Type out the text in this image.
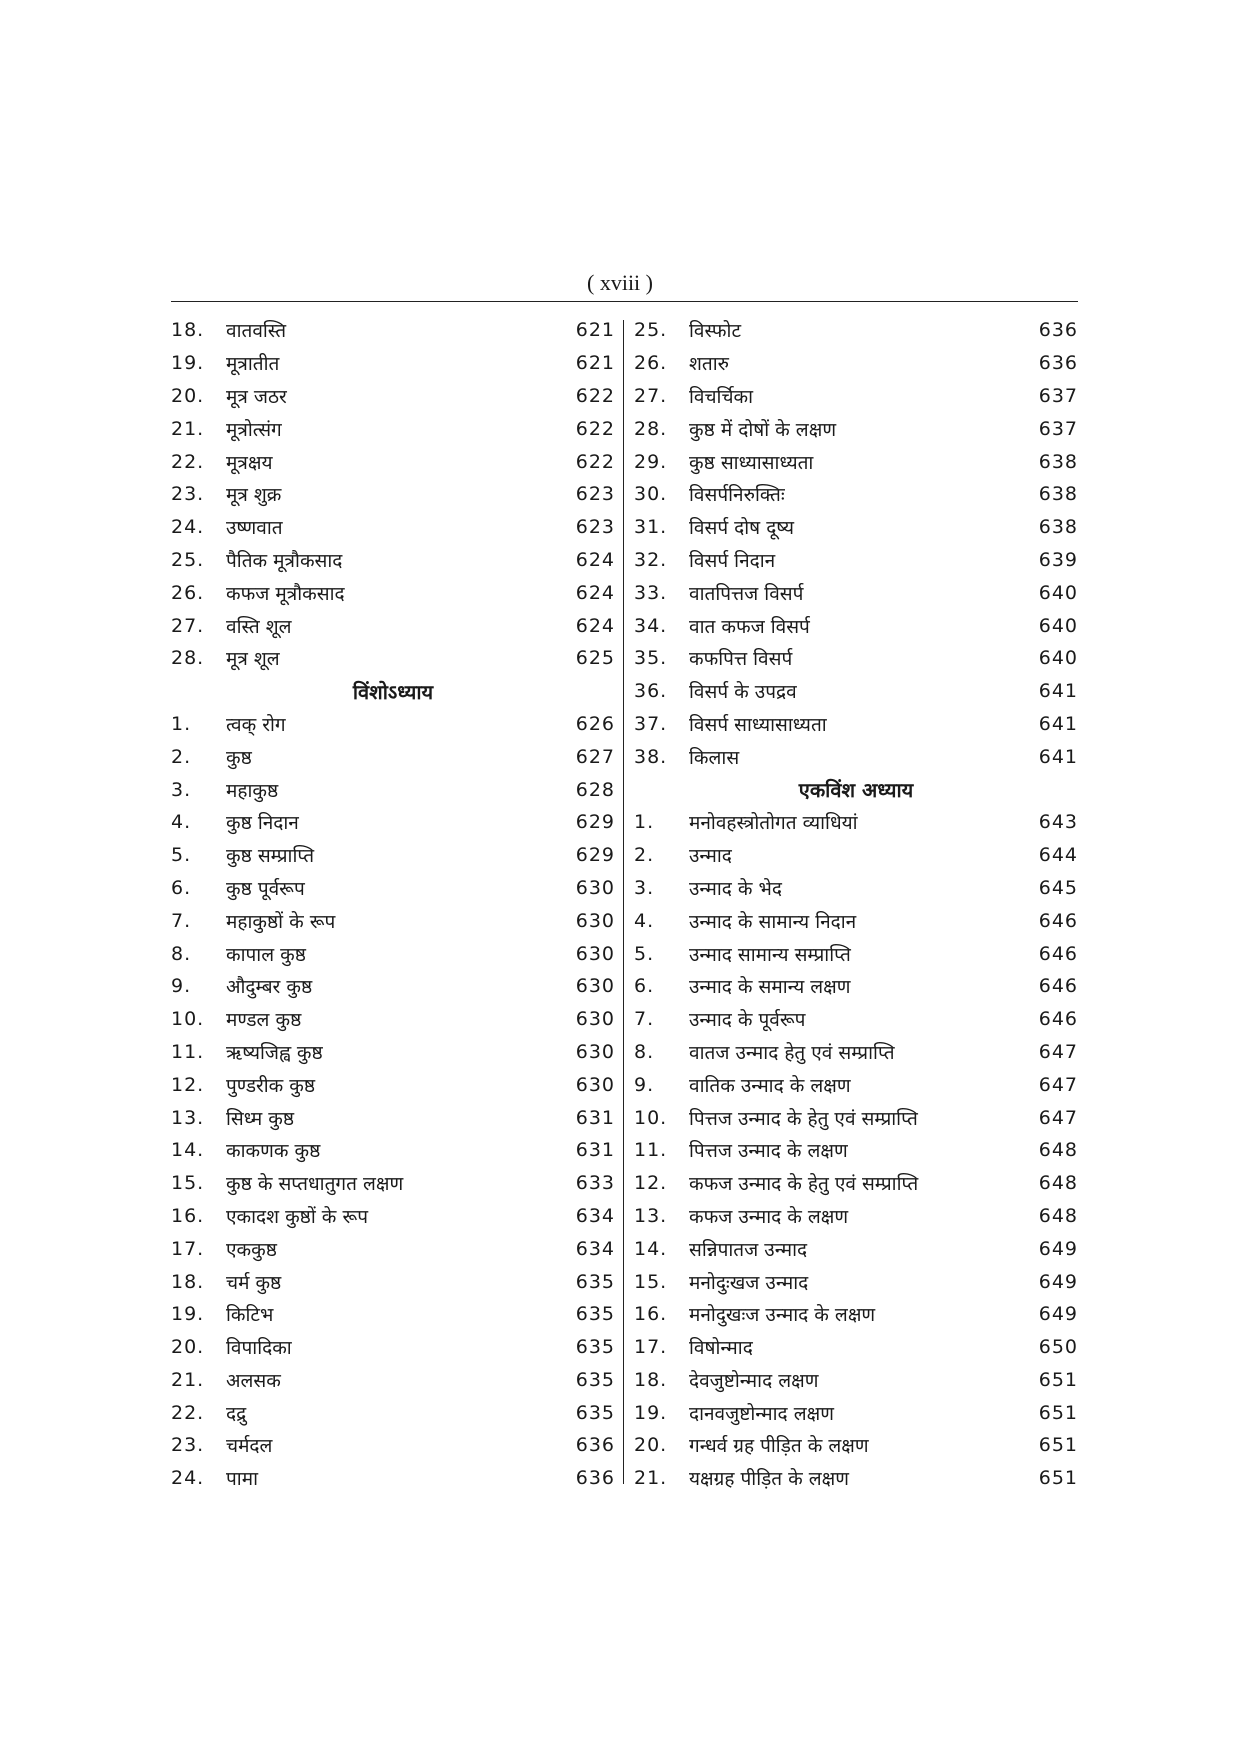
( xviii )
18.	वातवस्ति	621
19.	मूत्रातीत	621
20.	मूत्र जठर	622
21.	मूत्रोत्संग	622
22.	मूत्रक्षय	622
23.	मूत्र शुक्र	623
24.	उष्णवात	623
25.	पैतिक मूत्रौकसाद	624
26.	कफज मूत्रौकसाद	624
27.	वस्ति शूल	624
28.	मूत्र शूल	625
विंशोऽध्याय
1.	त्वक् रोग	626
2.	कुष्ठ	627
3.	महाकुष्ठ	628
4.	कुष्ठ निदान	629
5.	कुष्ठ सम्प्राप्ति	629
6.	कुष्ठ पूर्वरूप	630
7.	महाकुष्ठों के रूप	630
8.	कापाल कुष्ठ	630
9.	औदुम्बर कुष्ठ	630
10.	मण्डल कुष्ठ	630
11.	ऋष्यजिह्व कुष्ठ	630
12.	पुण्डरीक कुष्ठ	630
13.	सिध्म कुष्ठ	631
14.	काकणक कुष्ठ	631
15.	कुष्ठ के सप्तधातुगत लक्षण	633
16.	एकादश कुष्ठों के रूप	634
17.	एककुष्ठ	634
18.	चर्म कुष्ठ	635
19.	किटिभ	635
20.	विपादिका	635
21.	अलसक	635
22.	दद्रु	635
23.	चर्मदल	636
24.	पामा	636
25.	विस्फोट	636
26.	शतारु	636
27.	विचर्चिका	637
28.	कुष्ठ में दोषों के लक्षण	637
29.	कुष्ठ साध्यासाध्यता	638
30.	विसर्पनिरुक्तिः	638
31.	विसर्प दोष दूष्य	638
32.	विसर्प निदान	639
33.	वातपित्तज विसर्प	640
34.	वात कफज विसर्प	640
35.	कफपित्त विसर्प	640
36.	विसर्प के उपद्रव	641
37.	विसर्प साध्यासाध्यता	641
38.	किलास	641
एकविंश अध्याय
1.	मनोवहस्त्रोतोगत व्याधियां	643
2.	उन्माद	644
3.	उन्माद के भेद	645
4.	उन्माद के सामान्य निदान	646
5.	उन्माद सामान्य सम्प्राप्ति	646
6.	उन्माद के समान्य लक्षण	646
7.	उन्माद के पूर्वरूप	646
8.	वातज उन्माद हेतु एवं सम्प्राप्ति	647
9.	वातिक उन्माद के लक्षण	647
10.	पित्तज उन्माद के हेतु एवं सम्प्राप्ति	647
11.	पित्तज उन्माद के लक्षण	648
12.	कफज उन्माद के हेतु एवं सम्प्राप्ति	648
13.	कफज उन्माद के लक्षण	648
14.	सन्निपातज उन्माद	649
15.	मनोदुःखज उन्माद	649
16.	मनोदुखःज उन्माद के लक्षण	649
17.	विषोन्माद	650
18.	देवजुष्टोन्माद लक्षण	651
19.	दानवजुष्टोन्माद लक्षण	651
20.	गन्धर्व ग्रह पीड़ित के लक्षण	651
21.	यक्षग्रह पीड़ित के लक्षण	651
